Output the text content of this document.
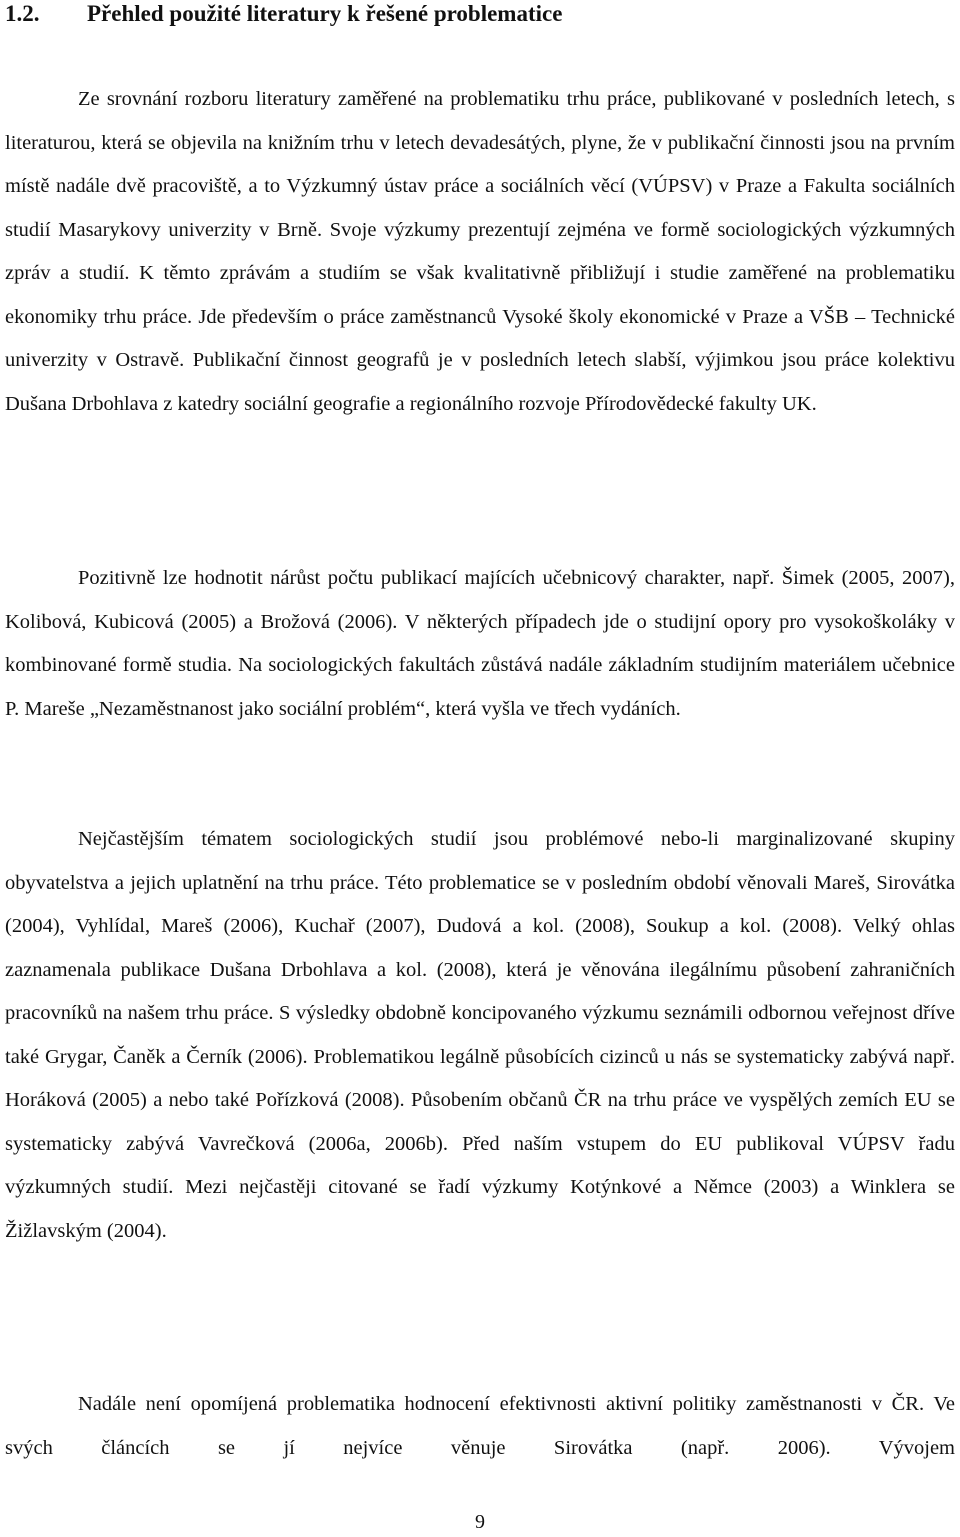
1.2.	Přehled použité literatury k řešené problematice

Ze srovnání rozboru literatury zaměřené na problematiku trhu práce, publikované v posledních letech, s literaturou, která se objevila na knižním trhu v letech devadesátých, plyne, že v publikační činnosti jsou na prvním místě nadále dvě pracoviště, a to Výzkumný ústav práce a sociálních věcí (VÚPSV) v Praze a Fakulta sociálních studií Masarykovy univerzity v Brně. Svoje výzkumy prezentují zejména ve formě sociologických výzkumných zpráv a studií. K těmto zprávám a studiím se však kvalitativně přibližují i studie zaměřené na problematiku ekonomiky trhu práce. Jde především o práce zaměstnanců Vysoké školy ekonomické v Praze a VŠB – Technické univerzity v Ostravě. Publikační činnost geografů je v posledních letech slabší, výjimkou jsou práce kolektivu Dušana Drbohlava z katedry sociální geografie a regionálního rozvoje Přírodovědecké fakulty UK.

Pozitivně lze hodnotit nárůst počtu publikací majících učebnicový charakter, např. Šimek (2005, 2007), Kolibová, Kubicová (2005) a Brožová (2006). V některých případech jde o studijní opory pro vysokoškoláky v kombinované formě studia. Na sociologických fakultách zůstává nadále základním studijním materiálem učebnice P. Mareše „Nezaměstnanost jako sociální problém“, která vyšla ve třech vydáních.

Nejčastějším tématem sociologických studií jsou problémové nebo-li marginalizované skupiny obyvatelstva a jejich uplatnění na trhu práce. Této problematice se v posledním období věnovali Mareš, Sirovátka (2004), Vyhlídal, Mareš (2006), Kuchař (2007), Dudová a kol. (2008), Soukup a kol. (2008). Velký ohlas zaznamenala publikace Dušana Drbohlava a kol. (2008), která je věnována ilegálnímu působení zahraničních pracovníků na našem trhu práce. S výsledky obdobně koncipovaného výzkumu seznámili odbornou veřejnost dříve také Grygar, Čaněk a Černík (2006). Problematikou legálně působících cizinců u nás se systematicky zabývá např. Horáková (2005) a nebo také Pořízková (2008). Působením občanů ČR na trhu práce ve vyspělých zemích EU se systematicky zabývá Vavrečková (2006a, 2006b). Před naším vstupem do EU publikoval VÚPSV řadu výzkumných studií. Mezi nejčastěji citované se řadí výzkumy Kotýnkové a Němce (2003) a Winklera se Žižlavským (2004).

Nadále není opomíjená problematika hodnocení efektivnosti aktivní politiky zaměstnanosti v ČR. Ve svých článcích se jí nejvíce věnuje Sirovátka (např. 2006). Vývojem

9
